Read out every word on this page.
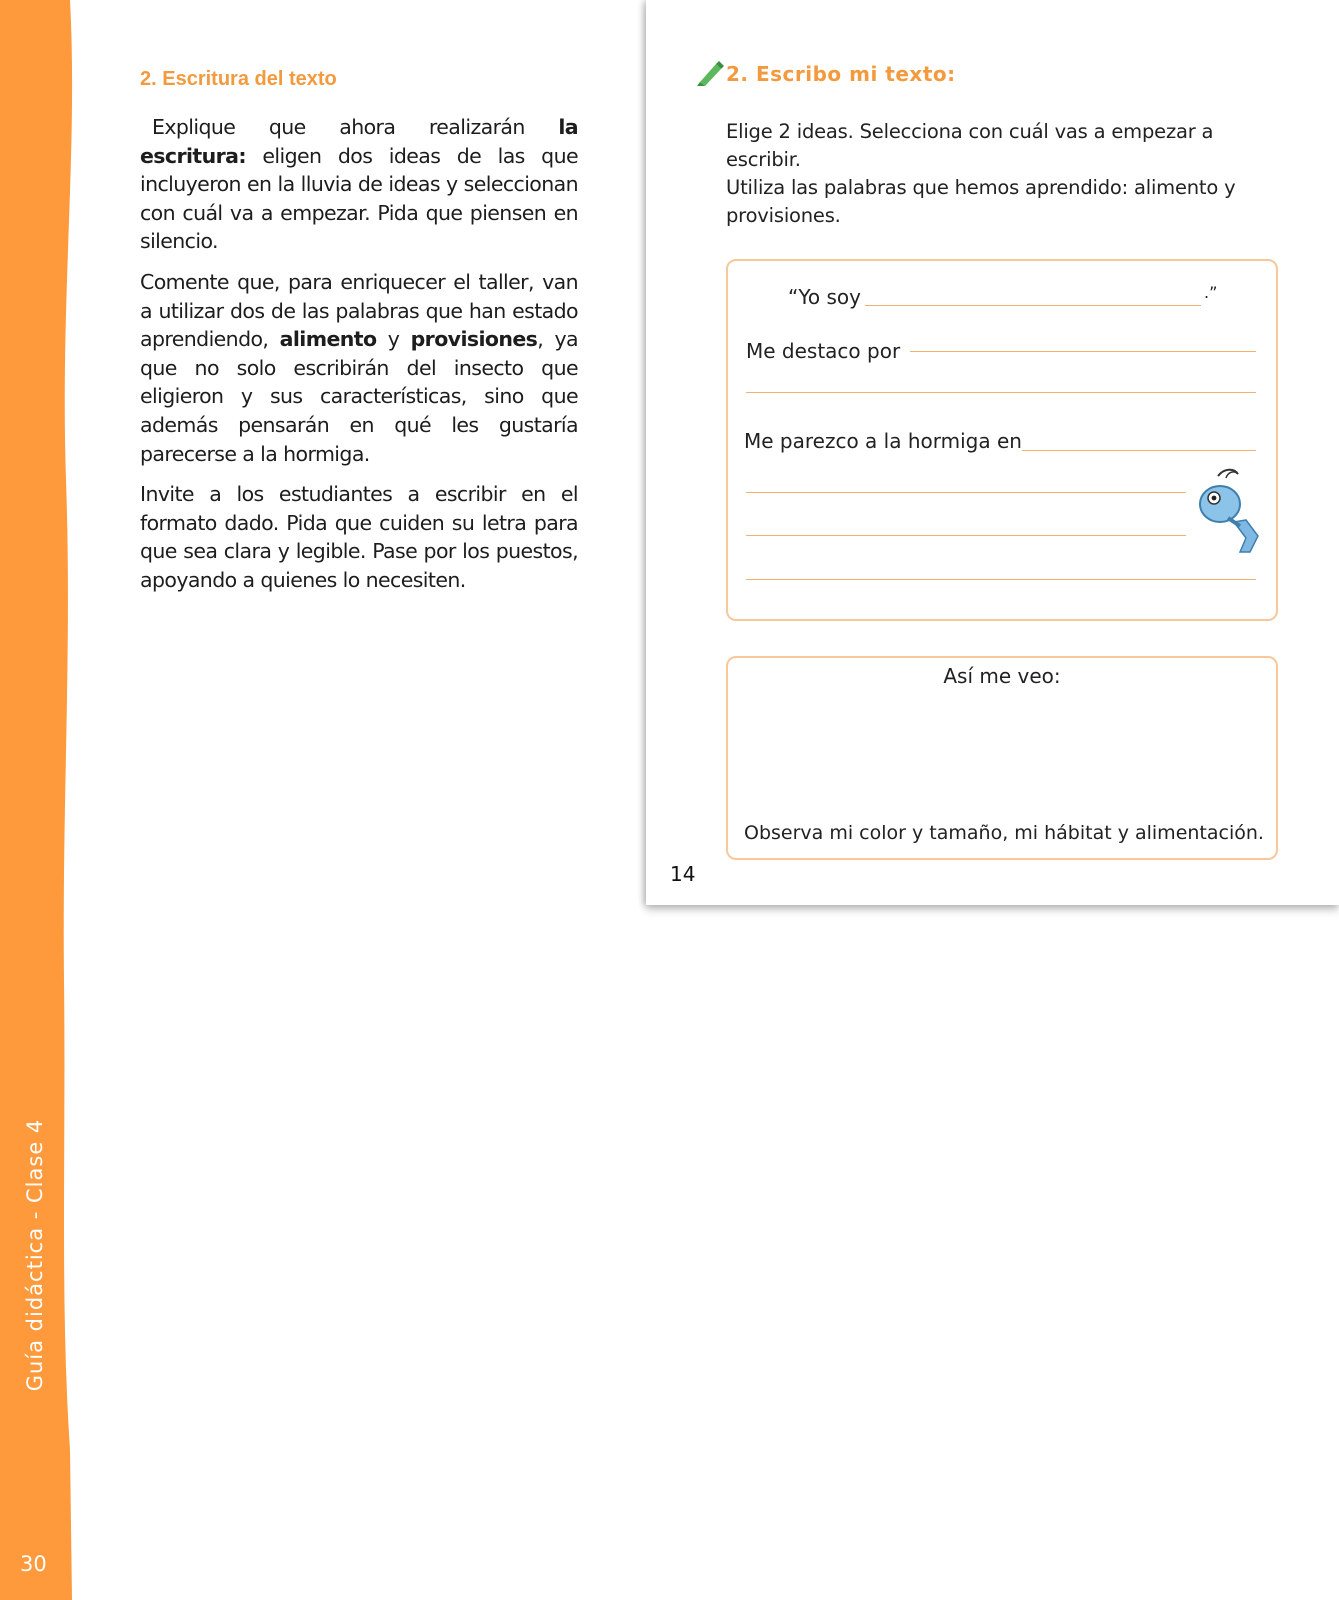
Guía didáctica - Clase 4
30
2. Escritura del texto

Explique que ahora realizarán la escritura: eligen dos ideas de las que incluyeron en la lluvia de ideas y seleccionan con cuál va a empezar. Pida que piensen en silencio.

Comente que, para enriquecer el taller, van a utilizar dos de las palabras que han estado aprendiendo, alimento y provisiones, ya que no solo escribirán del insecto que eligieron y sus características, sino que además pensarán en qué les gustaría parecerse a la hormiga.

Invite a los estudiantes a escribir en el formato dado. Pida que cuiden su letra para que sea clara y legible. Pase por los puestos, apoyando a quienes lo necesiten.

2. Escribo mi texto:
Elige 2 ideas. Selecciona con cuál vas a empezar a escribir.
Utiliza las palabras que hemos aprendido: alimento y provisiones.
“Yo soy	.”
Me destaco por
Me parezco a la hormiga en
Así me veo:
Observa mi color y tamaño, mi hábitat y alimentación.
14
